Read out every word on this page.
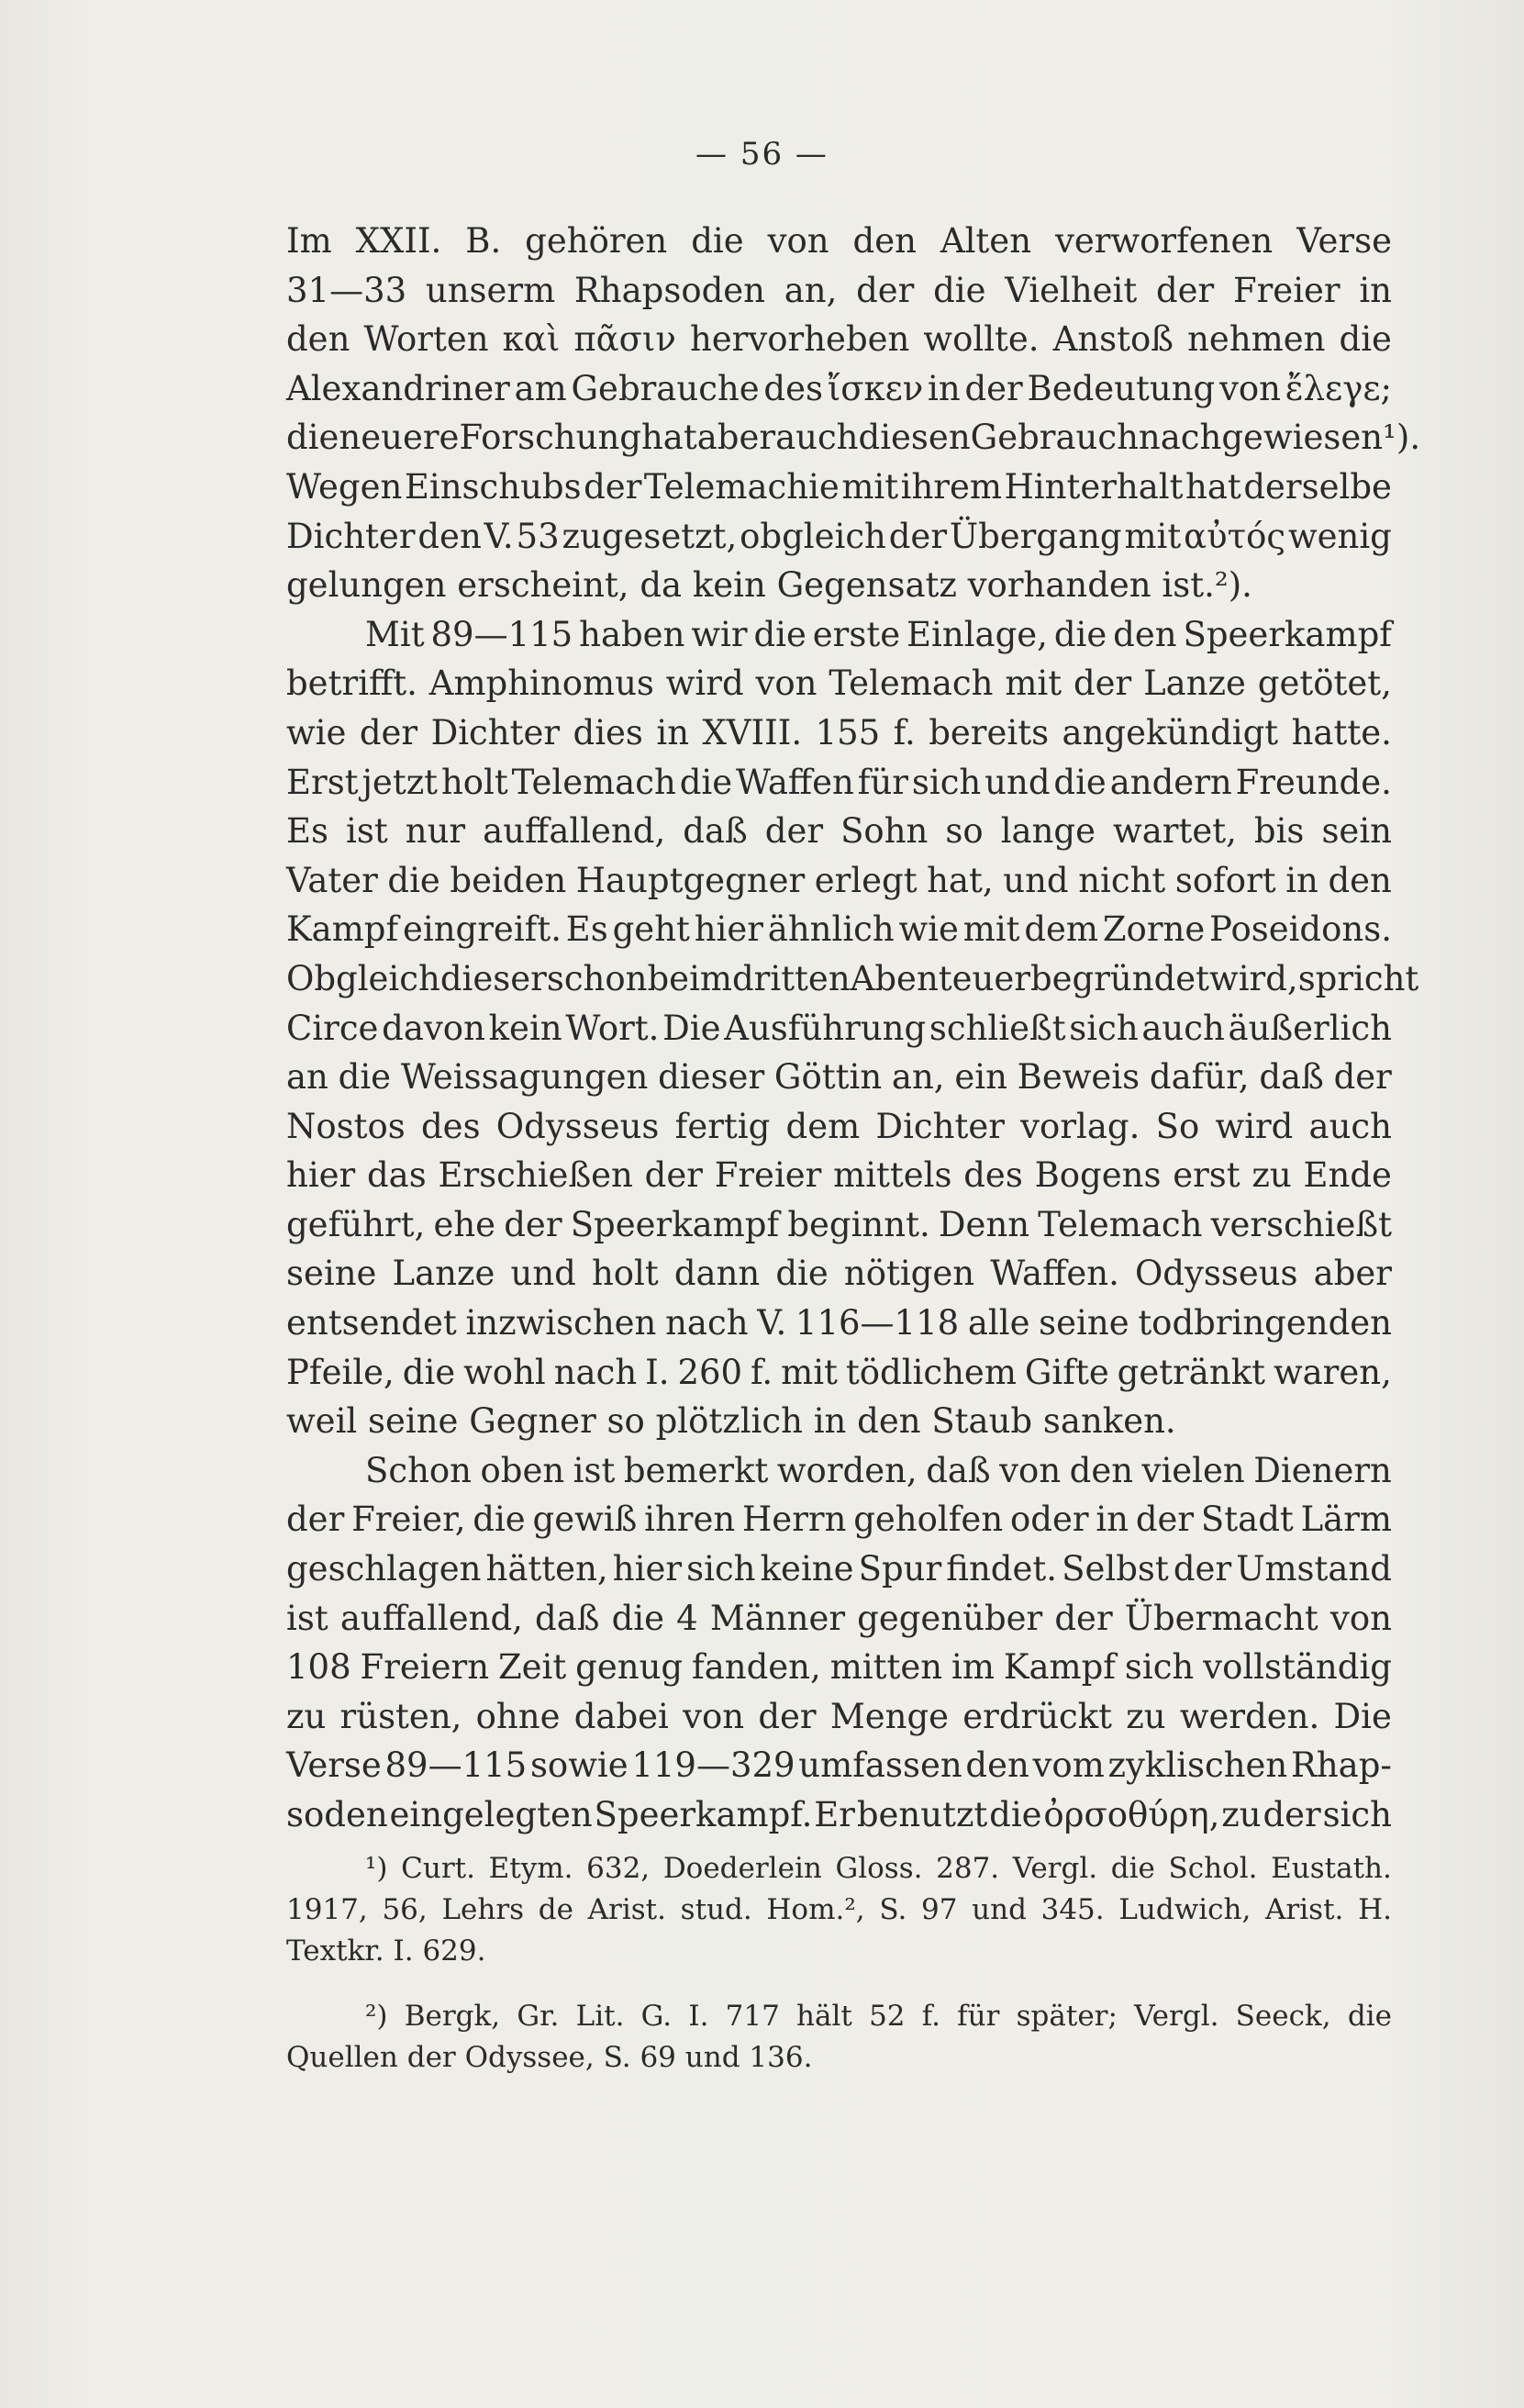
— 56 —
Im XXII. B. gehören die von den Alten verworfenen Verse
31—33 unserm Rhapsoden an, der die Vielheit der Freier in
den Worten καὶ πᾶσιν hervorheben wollte. Anstoß nehmen die
Alexandriner am Gebrauche des ἴσκεν in der Bedeutung von ἔλεγε;
die neuere Forschung hat aber auch diesen Gebrauch nachgewiesen¹).
Wegen Einschubs der Telemachie mit ihrem Hinterhalt hat derselbe
Dichter den V. 53 zugesetzt, obgleich der Übergang mit αὐτός wenig
gelungen erscheint, da kein Gegensatz vorhanden ist.²).
Mit 89—115 haben wir die erste Einlage, die den Speerkampf
betrifft. Amphinomus wird von Telemach mit der Lanze getötet,
wie der Dichter dies in XVIII. 155 f. bereits angekündigt hatte.
Erst jetzt holt Telemach die Waffen für sich und die andern Freunde.
Es ist nur auffallend, daß der Sohn so lange wartet, bis sein
Vater die beiden Hauptgegner erlegt hat, und nicht sofort in den
Kampf eingreift. Es geht hier ähnlich wie mit dem Zorne Poseidons.
Obgleich dieser schon beim dritten Abenteuer begründet wird, spricht
Circe davon kein Wort. Die Ausführung schließt sich auch äußerlich
an die Weissagungen dieser Göttin an, ein Beweis dafür, daß der
Nostos des Odysseus fertig dem Dichter vorlag. So wird auch
hier das Erschießen der Freier mittels des Bogens erst zu Ende
geführt, ehe der Speerkampf beginnt. Denn Telemach verschießt
seine Lanze und holt dann die nötigen Waffen. Odysseus aber
entsendet inzwischen nach V. 116—118 alle seine todbringenden
Pfeile, die wohl nach I. 260 f. mit tödlichem Gifte getränkt waren,
weil seine Gegner so plötzlich in den Staub sanken.
Schon oben ist bemerkt worden, daß von den vielen Dienern
der Freier, die gewiß ihren Herrn geholfen oder in der Stadt Lärm
geschlagen hätten, hier sich keine Spur findet. Selbst der Umstand
ist auffallend, daß die 4 Männer gegenüber der Übermacht von
108 Freiern Zeit genug fanden, mitten im Kampf sich vollständig
zu rüsten, ohne dabei von der Menge erdrückt zu werden. Die
Verse 89—115 sowie 119—329 umfassen den vom zyklischen Rhap-
soden eingelegten Speerkampf. Er benutzt die ὀρσοθύρη, zu der sich
¹) Curt. Etym. 632, Doederlein Gloss. 287. Vergl. die Schol. Eustath.
1917, 56, Lehrs de Arist. stud. Hom.², S. 97 und 345. Ludwich, Arist. H.
Textkr. I. 629.
²) Bergk, Gr. Lit. G. I. 717 hält 52 f. für später; Vergl. Seeck, die
Quellen der Odyssee, S. 69 und 136.
